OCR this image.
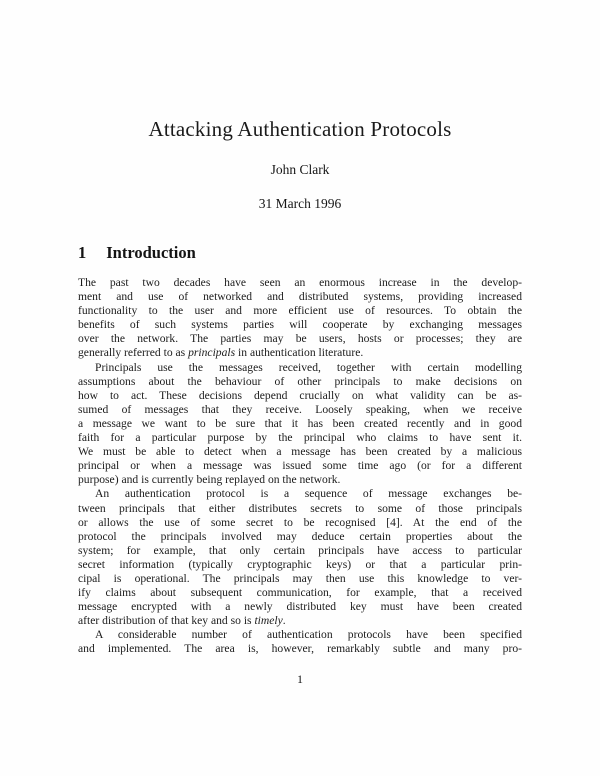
Attacking Authentication Protocols
John Clark
31 March 1996
1 Introduction
The past two decades have seen an enormous increase in the develop-
ment and use of networked and distributed systems, providing increased
functionality to the user and more efficient use of resources. To obtain the
benefits of such systems parties will cooperate by exchanging messages
over the network. The parties may be users, hosts or processes; they are
generally referred to as principals in authentication literature.
Principals use the messages received, together with certain modelling
assumptions about the behaviour of other principals to make decisions on
how to act. These decisions depend crucially on what validity can be as-
sumed of messages that they receive. Loosely speaking, when we receive
a message we want to be sure that it has been created recently and in good
faith for a particular purpose by the principal who claims to have sent it.
We must be able to detect when a message has been created by a malicious
principal or when a message was issued some time ago (or for a different
purpose) and is currently being replayed on the network.
An authentication protocol is a sequence of message exchanges be-
tween principals that either distributes secrets to some of those principals
or allows the use of some secret to be recognised [4]. At the end of the
protocol the principals involved may deduce certain properties about the
system; for example, that only certain principals have access to particular
secret information (typically cryptographic keys) or that a particular prin-
cipal is operational. The principals may then use this knowledge to ver-
ify claims about subsequent communication, for example, that a received
message encrypted with a newly distributed key must have been created
after distribution of that key and so is timely.
A considerable number of authentication protocols have been specified
and implemented. The area is, however, remarkably subtle and many pro-
1
